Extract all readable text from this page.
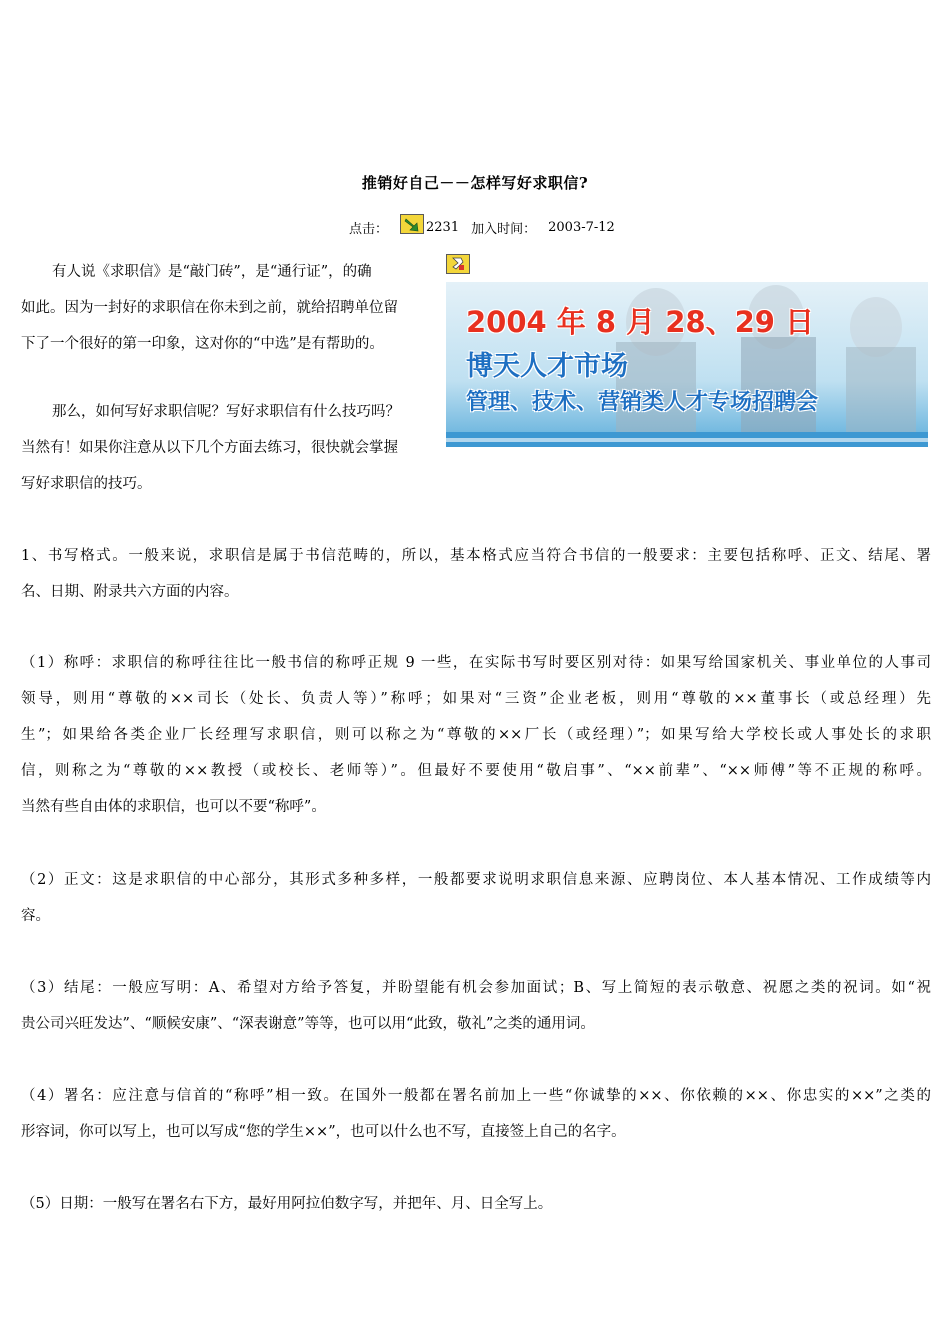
推销好自己－－怎样写好求职信?
点击：	2231 加入时间： 2003-7-12
有人说《求职信》是“敲门砖”，是“通行证”，的确
如此。因为一封好的求职信在你未到之前，就给招聘单位留
下了一个很好的第一印象，这对你的“中选”是有帮助的。
2004 年 8 月 28、29 日
博天人才市场
管理、技术、营销类人才专场招聘会
那么，如何写好求职信呢？写好求职信有什么技巧吗？
当然有！如果你注意从以下几个方面去练习，很快就会掌握
写好求职信的技巧。
1、书写格式。一般来说，求职信是属于书信范畴的，所以，基本格式应当符合书信的一般要求：主要包括称呼、正文、结尾、署
名、日期、附录共六方面的内容。
（1）称呼：求职信的称呼往往比一般书信的称呼正规 9 一些，在实际书写时要区别对待：如果写给国家机关、事业单位的人事司
领导，则用“尊敬的××司长（处长、负责人等）”称呼；如果对“三资”企业老板，则用“尊敬的××董事长（或总经理）先
生”；如果给各类企业厂长经理写求职信，则可以称之为“尊敬的××厂长（或经理）”；如果写给大学校长或人事处长的求职
信，则称之为“尊敬的××教授（或校长、老师等）”。但最好不要使用“敬启事”、“××前辈”、“××师傅”等不正规的称呼。
当然有些自由体的求职信，也可以不要“称呼”。
（2）正文：这是求职信的中心部分，其形式多种多样，一般都要求说明求职信息来源、应聘岗位、本人基本情况、工作成绩等内
容。
（3）结尾：一般应写明：A、希望对方给予答复，并盼望能有机会参加面试；B、写上简短的表示敬意、祝愿之类的祝词。如“祝
贵公司兴旺发达”、“顺候安康”、“深表谢意”等等，也可以用“此致，敬礼”之类的通用词。
（4）署名：应注意与信首的“称呼”相一致。在国外一般都在署名前加上一些“你诚挚的××、你依赖的××、你忠实的××”之类的
形容词，你可以写上，也可以写成“您的学生××”，也可以什么也不写，直接签上自己的名字。
（5）日期：一般写在署名右下方，最好用阿拉伯数字写，并把年、月、日全写上。
